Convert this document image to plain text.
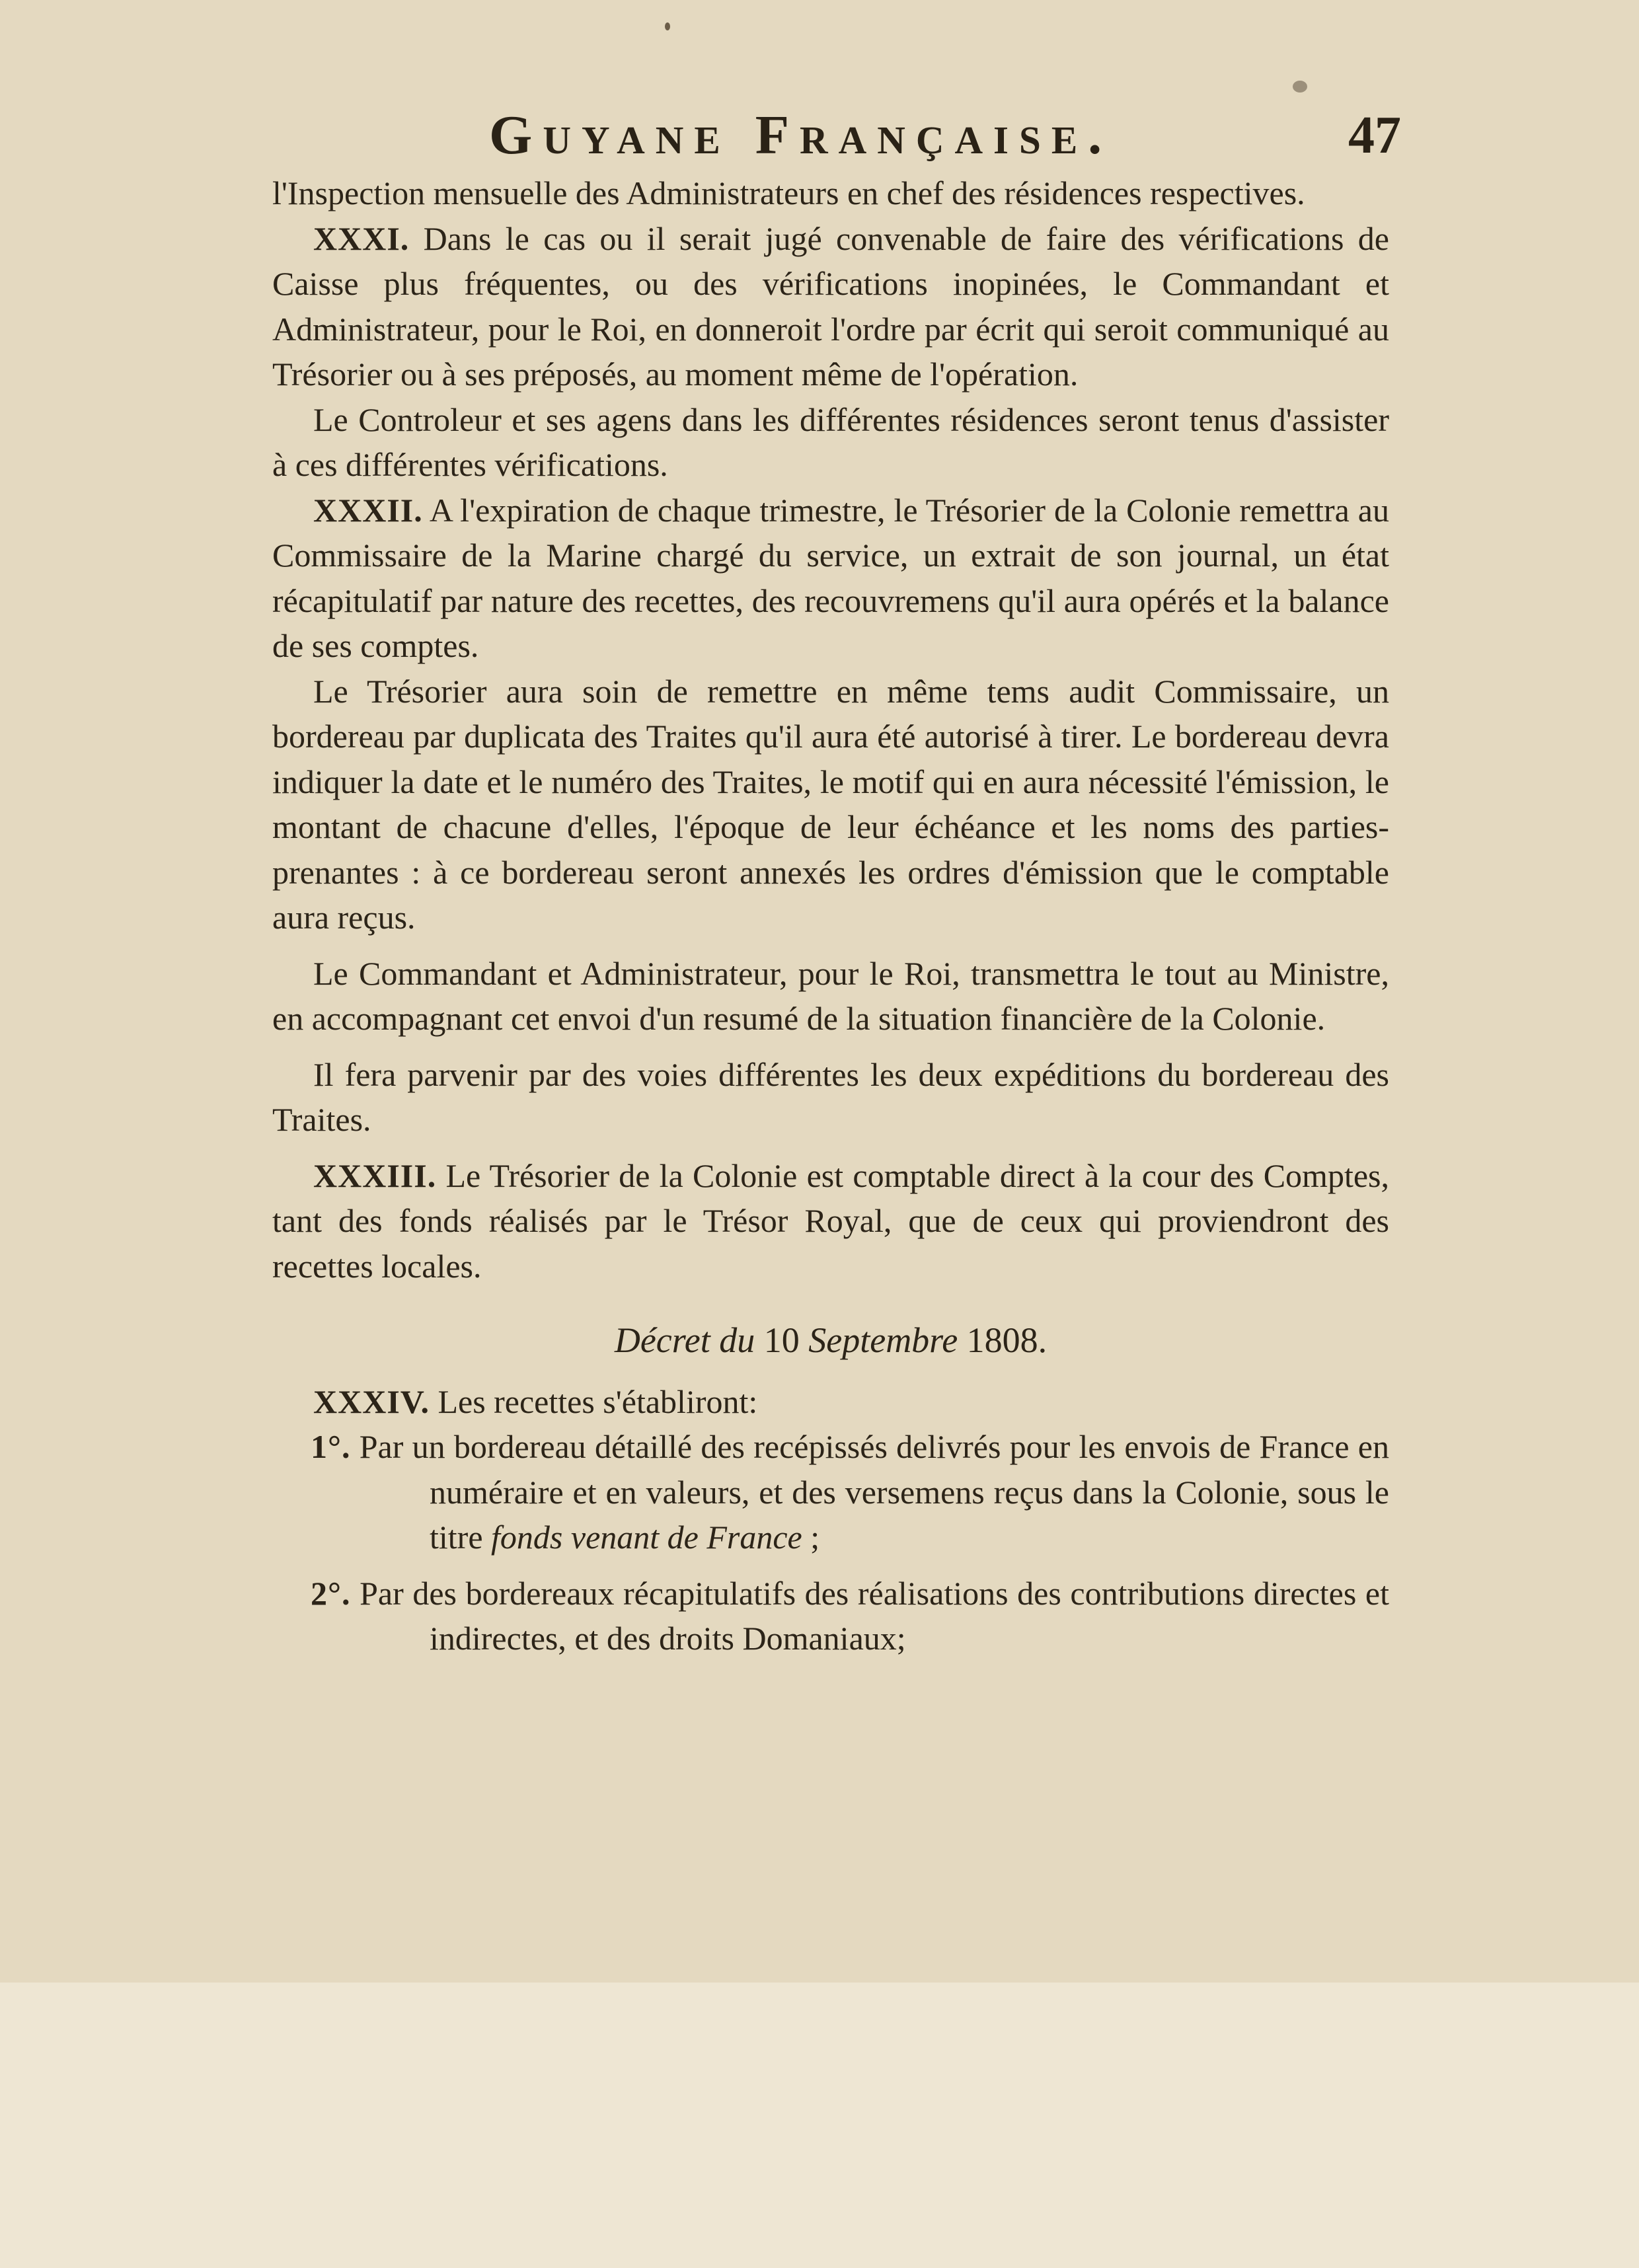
Guyane Française.	47

l'Inspection mensuelle des Administrateurs en chef des résidences respectives.

XXXI. Dans le cas ou il serait jugé convenable de faire des vérifications de Caisse plus fréquentes, ou des vérifications inopinées, le Commandant et Administrateur, pour le Roi, en donneroit l'ordre par écrit qui seroit communiqué au Trésorier ou à ses préposés, au moment même de l'opération.

Le Controleur et ses agens dans les différentes résidences seront tenus d'assister à ces différentes vérifications.

XXXII. A l'expiration de chaque trimestre, le Trésorier de la Colonie remettra au Commissaire de la Marine chargé du service, un extrait de son journal, un état récapitulatif par nature des recettes, des recouvremens qu'il aura opérés et la balance de ses comptes.

Le Trésorier aura soin de remettre en même tems audit Commissaire, un bordereau par duplicata des Traites qu'il aura été autorisé à tirer. Le bordereau devra indiquer la date et le numéro des Traites, le motif qui en aura nécessité l'émission, le montant de chacune d'elles, l'époque de leur échéance et les noms des parties-prenantes : à ce bordereau seront annexés les ordres d'émission que le comptable aura reçus.

Le Commandant et Administrateur, pour le Roi, transmettra le tout au Ministre, en accompagnant cet envoi d'un resumé de la situation financière de la Colonie.

Il fera parvenir par des voies différentes les deux expéditions du bordereau des Traites.

XXXIII. Le Trésorier de la Colonie est comptable direct à la cour des Comptes, tant des fonds réalisés par le Trésor Royal, que de ceux qui proviendront des recettes locales.

Décret du 10 Septembre 1808.

XXXIV. Les recettes s'établiront:

1°. Par un bordereau détaillé des recépissés delivrés pour les envois de France en numéraire et en valeurs, et des versemens reçus dans la Colonie, sous le titre fonds venant de France ;

2°. Par des bordereaux récapitulatifs des réalisations des contributions directes et indirectes, et des droits Domaniaux;
